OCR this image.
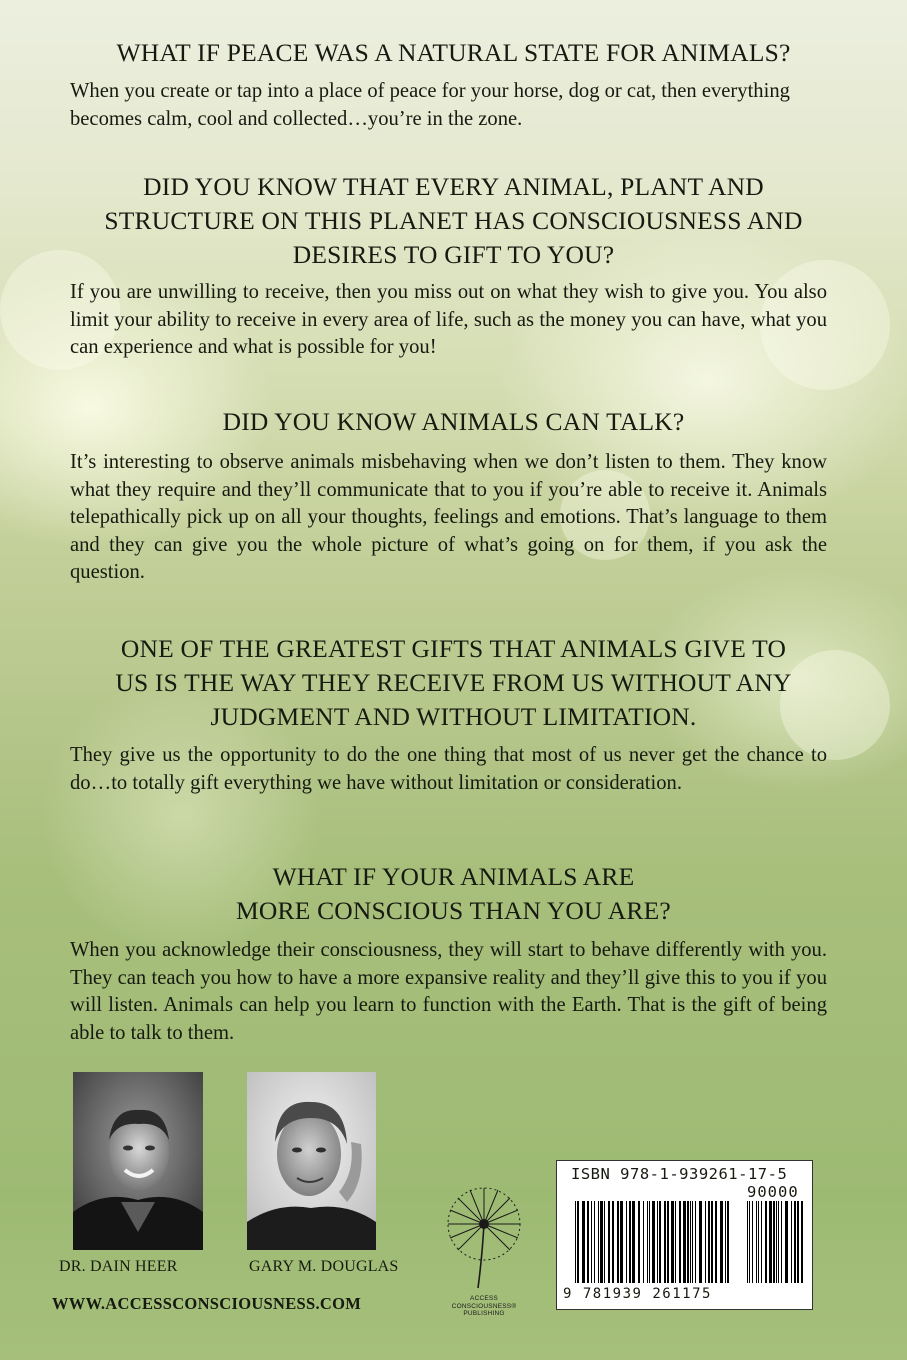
WHAT IF PEACE WAS A NATURAL STATE FOR ANIMALS?

When you create or tap into a place of peace for your horse, dog or cat, then everything becomes calm, cool and collected…you’re in the zone.

DID YOU KNOW THAT EVERY ANIMAL, PLANT AND
STRUCTURE ON THIS PLANET HAS CONSCIOUSNESS AND
DESIRES TO GIFT TO YOU?

If you are unwilling to receive, then you miss out on what they wish to give you. You also limit your ability to receive in every area of life, such as the money you can have, what you can experience and what is possible for you!

DID YOU KNOW ANIMALS CAN TALK?

It’s interesting to observe animals misbehaving when we don’t listen to them. They know what they require and they’ll communicate that to you if you’re able to receive it. Animals telepathically pick up on all your thoughts, feelings and emotions. That’s language to them and they can give you the whole picture of what’s going on for them, if you ask the question.

ONE OF THE GREATEST GIFTS THAT ANIMALS GIVE TO
US IS THE WAY THEY RECEIVE FROM US WITHOUT ANY
JUDGMENT AND WITHOUT LIMITATION.

They give us the opportunity to do the one thing that most of us never get the chance to do…to totally gift everything we have without limitation or consideration.

WHAT IF YOUR ANIMALS ARE
MORE CONSCIOUS THAN YOU ARE?

When you acknowledge their consciousness, they will start to behave differently with you. They can teach you how to have a more expansive reality and they’ll give this to you if you will listen. Animals can help you learn to function with the Earth. That is the gift of being able to talk to them.

DR. DAIN HEER	GARY M. DOUGLAS

WWW.ACCESSCONSCIOUSNESS.COM	ACCESS
CONSCIOUSNESS®
PUBLISHING

ISBN 978-1-939261-17-5

90000

9 781939 261175
